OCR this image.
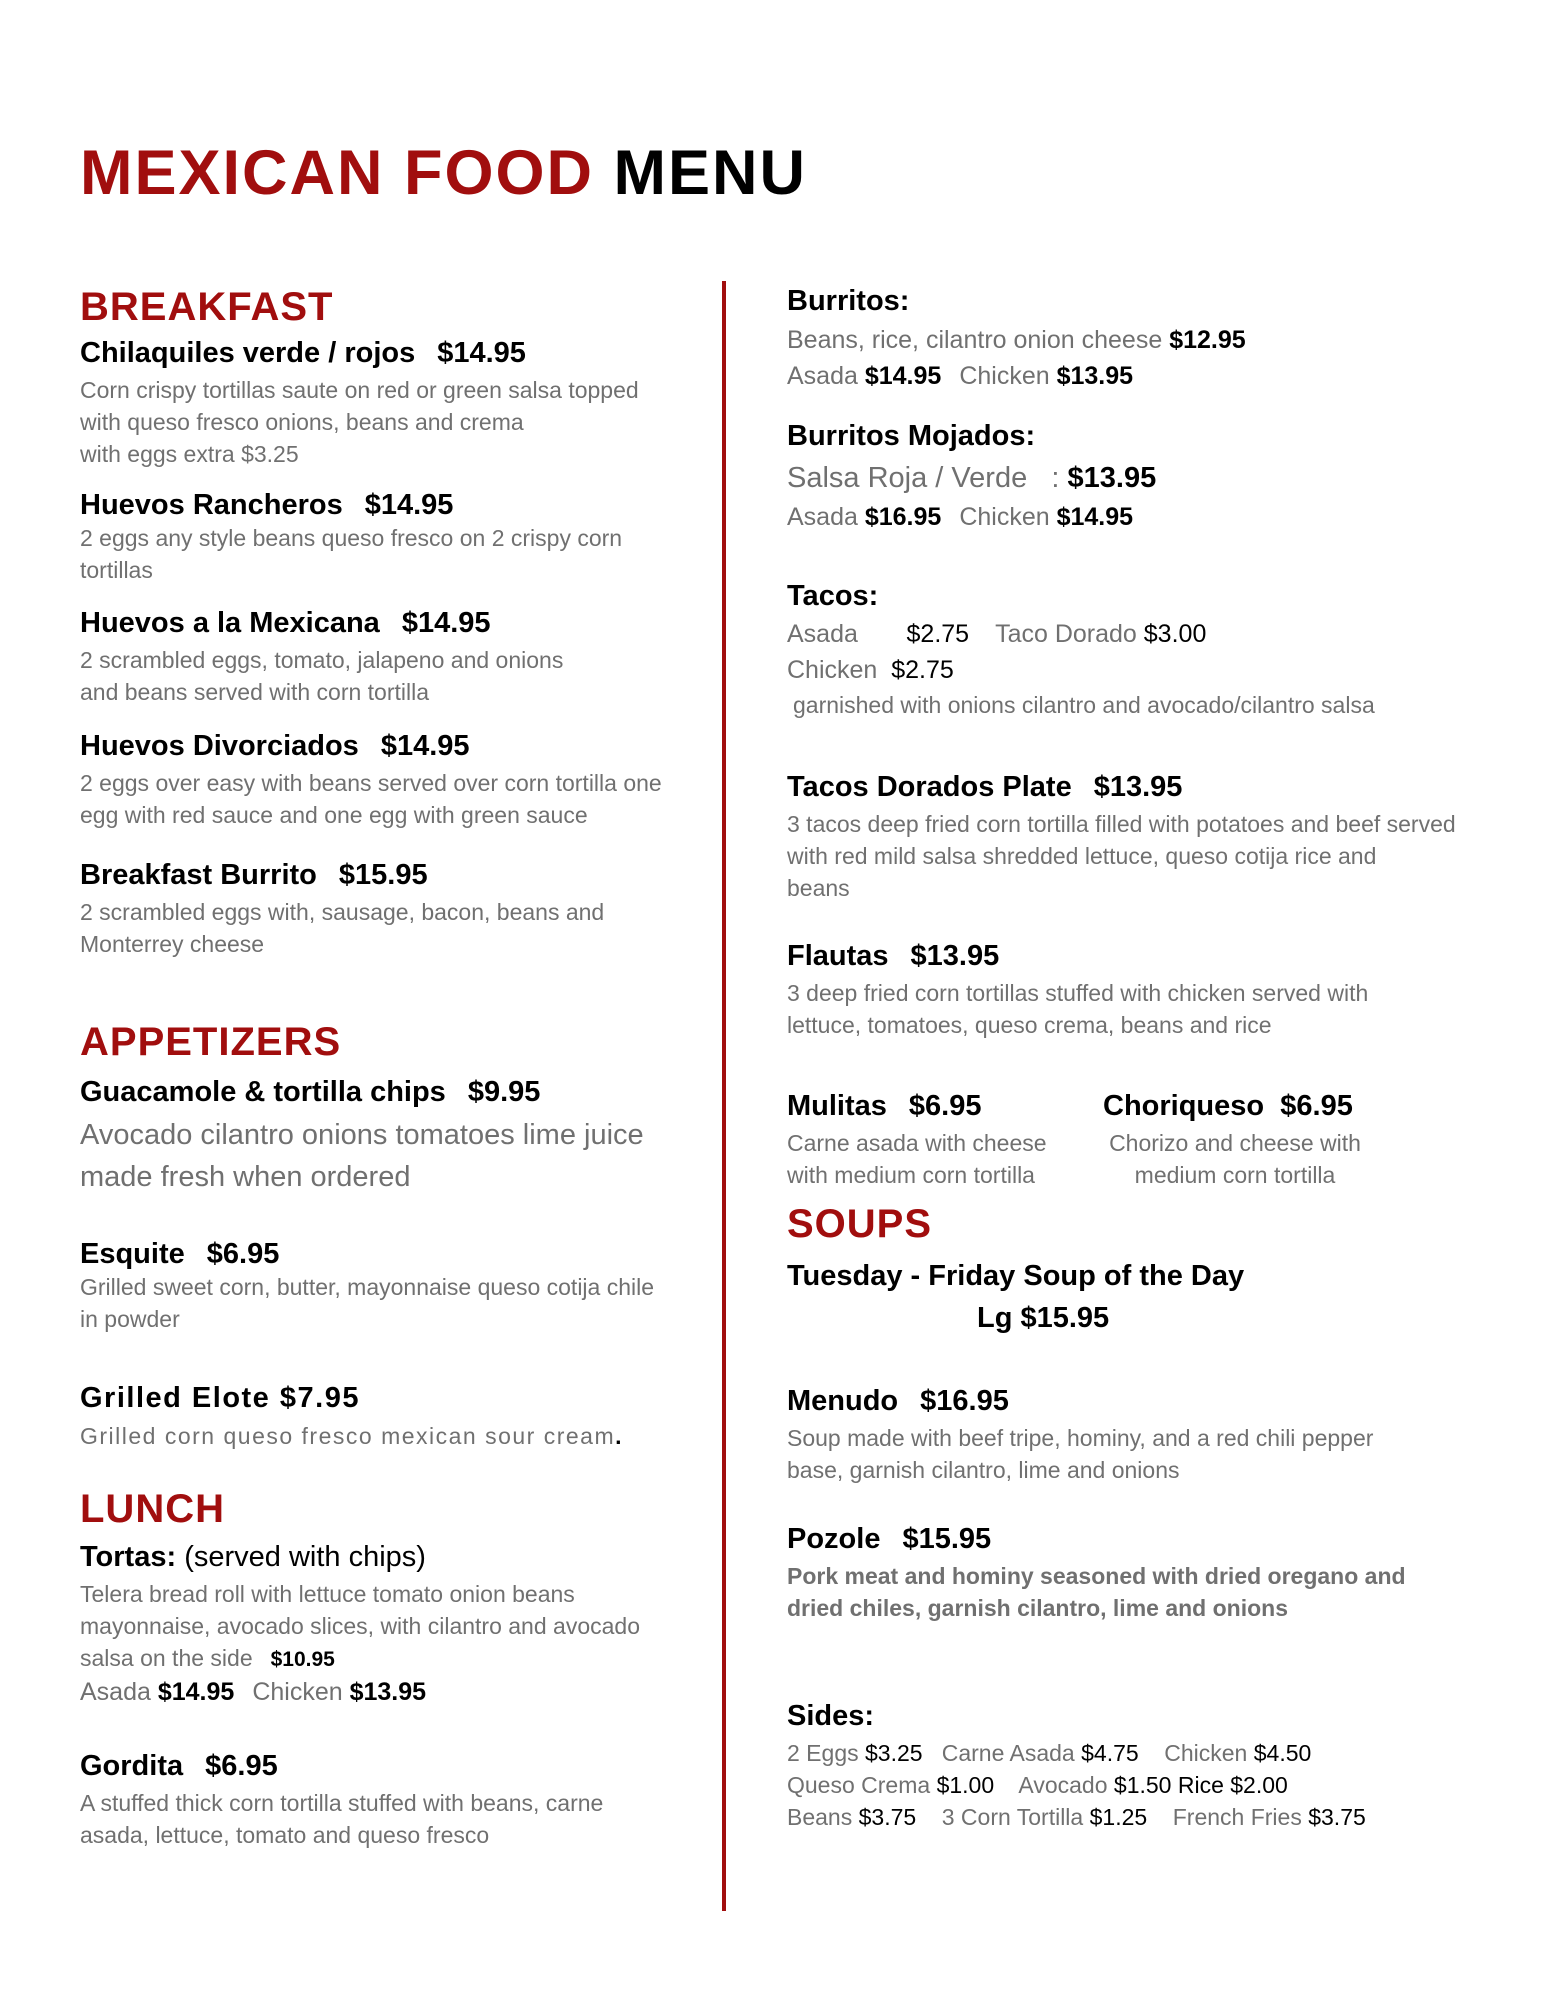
MEXICAN FOOD MENU
BREAKFAST
Chilaquiles verde / rojos $14.95
Corn crispy tortillas saute on red or green salsa topped
with queso fresco onions, beans and crema
with eggs extra $3.25
Huevos Rancheros $14.95
2 eggs any style beans queso fresco on 2 crispy corn
tortillas
Huevos a la Mexicana $14.95
2 scrambled eggs, tomato, jalapeno and onions
and beans served with corn tortilla
Huevos Divorciados $14.95
2 eggs over easy with beans served over corn tortilla one
egg with red sauce and one egg with green sauce
Breakfast Burrito $15.95
2 scrambled eggs with, sausage, bacon, beans and
Monterrey cheese
APPETIZERS
Guacamole & tortilla chips $9.95
Avocado cilantro onions tomatoes lime juice
made fresh when ordered
Esquite $6.95
Grilled sweet corn, butter, mayonnaise queso cotija chile
in powder
Grilled Elote $7.95
Grilled corn queso fresco mexican sour cream.
LUNCH
Tortas: (served with chips)
Telera bread roll with lettuce tomato onion beans
mayonnaise, avocado slices, with cilantro and avocado
salsa on the side $10.95
Asada $14.95 Chicken $13.95
Gordita $6.95
A stuffed thick corn tortilla stuffed with beans, carne
asada, lettuce, tomato and queso fresco
Burritos:
Beans, rice, cilantro onion cheese $12.95
Asada $14.95 Chicken $13.95
Burritos Mojados:
Salsa Roja / Verde : $13.95
Asada $16.95 Chicken $14.95
Tacos:
Asada $2.75 Taco Dorado $3.00
Chicken $2.75
garnished with onions cilantro and avocado/cilantro salsa
Tacos Dorados Plate $13.95
3 tacos deep fried corn tortilla filled with potatoes and beef served
with red mild salsa shredded lettuce, queso cotija rice and
beans
Flautas $13.95
3 deep fried corn tortillas stuffed with chicken served with
lettuce, tomatoes, queso crema, beans and rice
Mulitas $6.95
Carne asada with cheese
with medium corn tortilla
Choriqueso $6.95
Chorizo and cheese with
medium corn tortilla
SOUPS
Tuesday - Friday Soup of the Day
Lg $15.95
Menudo $16.95
Soup made with beef tripe, hominy, and a red chili pepper
base, garnish cilantro, lime and onions
Pozole $15.95
Pork meat and hominy seasoned with dried oregano and
dried chiles, garnish cilantro, lime and onions
Sides:
2 Eggs $3.25 Carne Asada $4.75 Chicken $4.50
Queso Crema $1.00 Avocado $1.50 Rice $2.00
Beans $3.75 3 Corn Tortilla $1.25 French Fries $3.75
